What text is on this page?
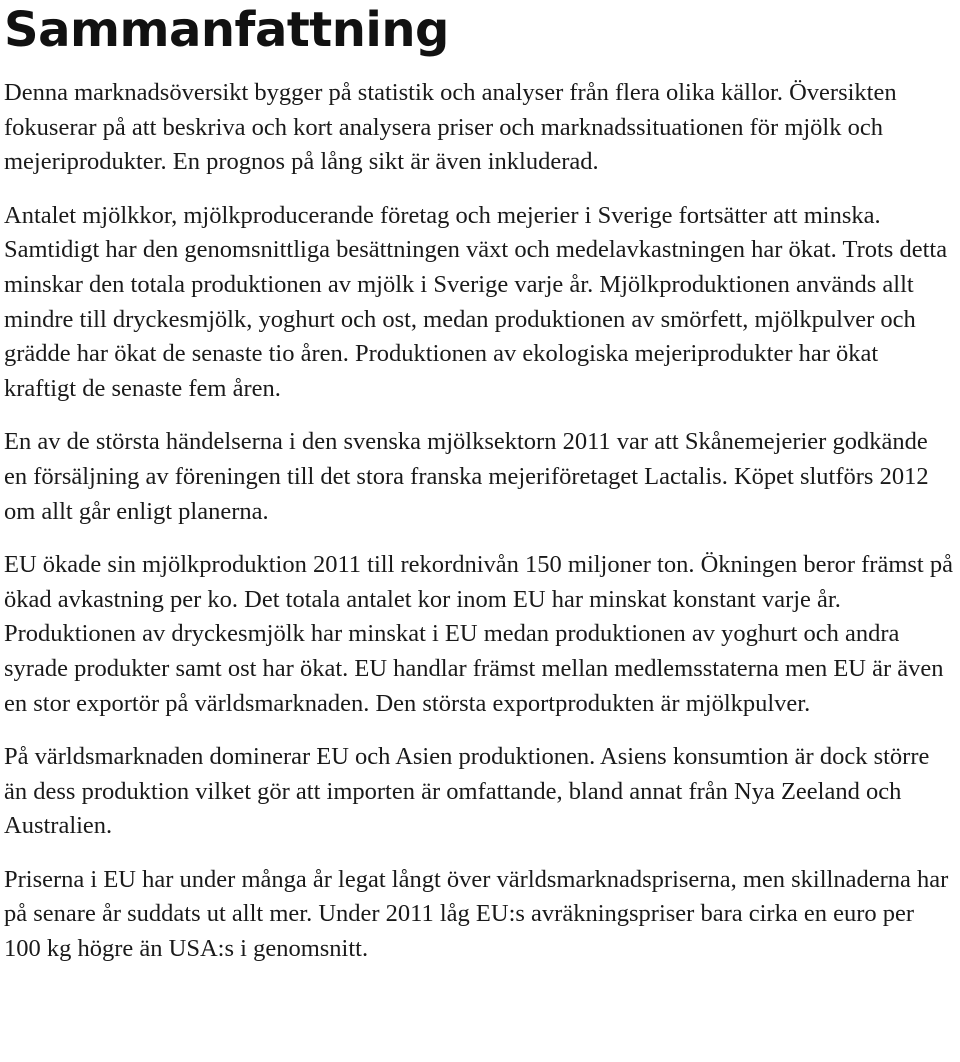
Sammanfattning

Denna marknadsöversikt bygger på statistik och analyser från flera olika källor. Översikten fokuserar på att beskriva och kort analysera priser och marknadssituationen för mjölk och mejeriprodukter. En prognos på lång sikt är även inkluderad.

Antalet mjölkkor, mjölkproducerande företag och mejerier i Sverige fortsätter att minska. Samtidigt har den genomsnittliga besättningen växt och medelavkastningen har ökat. Trots detta minskar den totala produktionen av mjölk i Sverige varje år. Mjölkproduktionen används allt mindre till dryckesmjölk, yoghurt och ost, medan produktionen av smörfett, mjölkpulver och grädde har ökat de senaste tio åren. Produktionen av ekologiska mejeriprodukter har ökat kraftigt de senaste fem åren.

En av de största händelserna i den svenska mjölksektorn 2011 var att Skånemejerier godkände en försäljning av föreningen till det stora franska mejeriföretaget Lactalis. Köpet slutförs 2012 om allt går enligt planerna.

EU ökade sin mjölkproduktion 2011 till rekordnivån 150 miljoner ton. Ökningen beror främst på ökad avkastning per ko. Det totala antalet kor inom EU har minskat konstant varje år. Produktionen av dryckesmjölk har minskat i EU medan produktionen av yoghurt och andra syrade produkter samt ost har ökat. EU handlar främst mellan medlemsstaterna men EU är även en stor exportör på världsmarknaden. Den största exportprodukten är mjölkpulver.

På världsmarknaden dominerar EU och Asien produktionen. Asiens konsumtion är dock större än dess produktion vilket gör att importen är omfattande, bland annat från Nya Zeeland och Australien.

Priserna i EU har under många år legat långt över världsmarknadspriserna, men skillnaderna har på senare år suddats ut allt mer. Under 2011 låg EU:s avräkningspriser bara cirka en euro per 100 kg högre än USA:s i genomsnitt.
